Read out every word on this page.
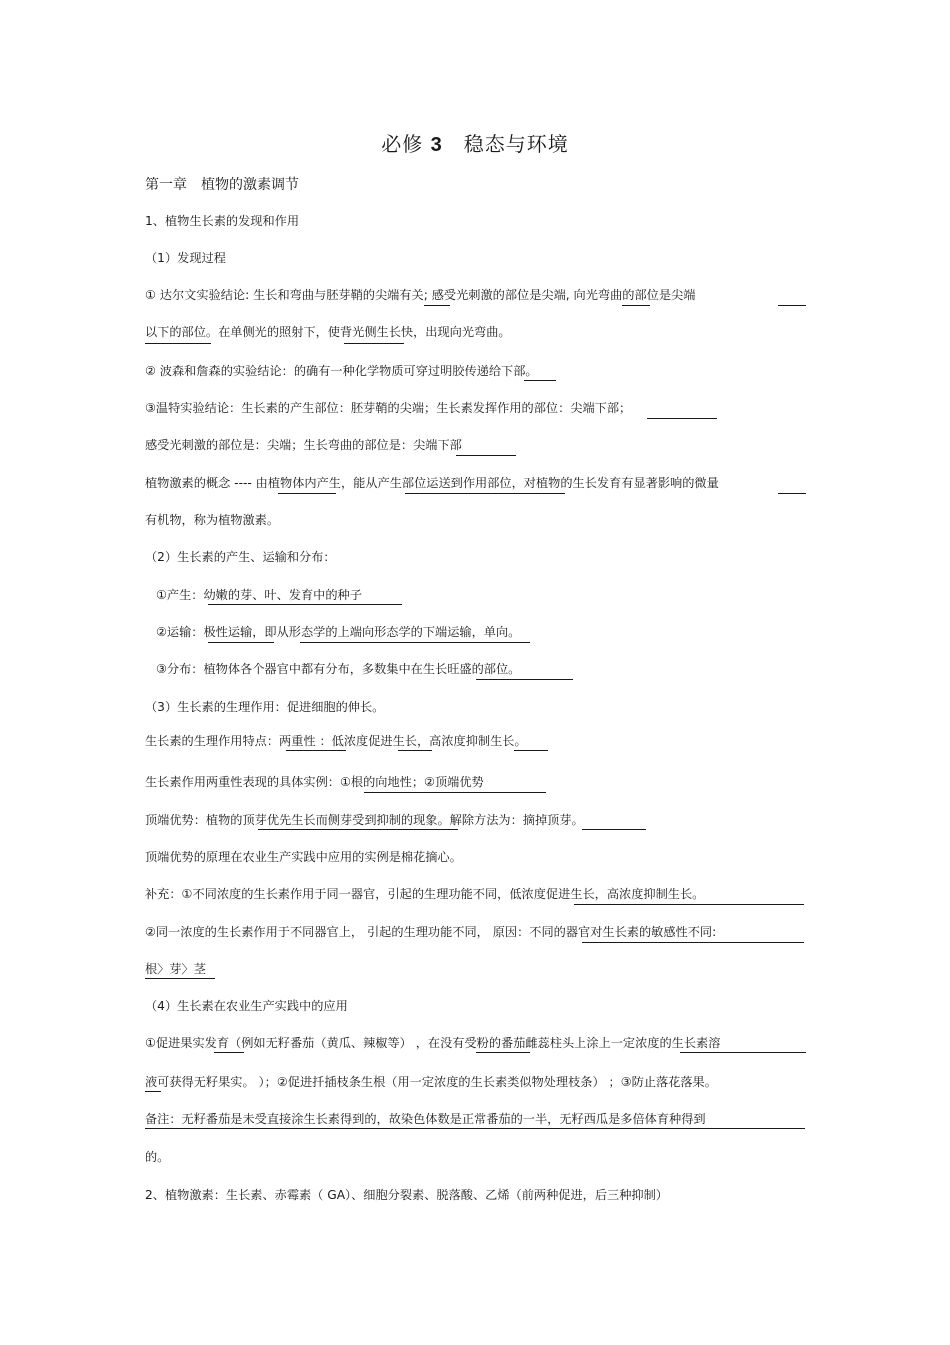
必修 3　 稳态与环境
第一章　植物的激素调节
1、植物生长素的发现和作用
（1）发现过程
① 达尔文实验结论: 生长和弯曲与胚芽鞘的尖端有关; 感受光刺激的部位是尖端, 向光弯曲的部位是尖端
以下的部位。在单侧光的照射下，使背光侧生长快，出现向光弯曲。
② 波森和詹森的实验结论：的确有一种化学物质可穿过明胶传递给下部。
③温特实验结论：生长素的产生部位：胚芽鞘的尖端；生长素发挥作用的部位：尖端下部；
感受光刺激的部位是：尖端；生长弯曲的部位是：尖端下部
植物激素的概念 ---- 由植物体内产生，能从产生部位运送到作用部位，对植物的生长发育有显著影响的微量
有机物，称为植物激素。
（2）生长素的产生、运输和分布：
①产生：幼嫩的芽、叶、发育中的种子
②运输：极性运输，即从形态学的上端向形态学的下端运输，单向。
③分布：植物体各个器官中都有分布，多数集中在生长旺盛的部位。
（3）生长素的生理作用：促进细胞的伸长。
生长素的生理作用特点：两重性 ：低浓度促进生长，高浓度抑制生长。
生长素作用两重性表现的具体实例：①根的向地性；②顶端优势
顶端优势：植物的顶芽优先生长而侧芽受到抑制的现象。解除方法为：摘掉顶芽。
顶端优势的原理在农业生产实践中应用的实例是棉花摘心。
补充：①不同浓度的生长素作用于同一器官，引起的生理功能不同，低浓度促进生长，高浓度抑制生长。
②同一浓度的生长素作用于不同器官上， 引起的生理功能不同， 原因：不同的器官对生长素的敏感性不同:
根〉芽〉茎
（4）生长素在农业生产实践中的应用
①促进果实发育（例如无籽番茄（黄瓜、辣椒等） ，在没有受粉的番茄雌蕊柱头上涂上一定浓度的生长素溶
液可获得无籽果实。 ）；②促进扦插枝条生根（用一定浓度的生长素类似物处理枝条） ；③防止落花落果。
备注：无籽番茄是未受直接涂生长素得到的，故染色体数是正常番茄的一半，无籽西瓜是多倍体育种得到
的。
2、植物激素：生长素、赤霉素（ GA）、细胞分裂素、脱落酸、乙烯（前两种促进，后三种抑制）
